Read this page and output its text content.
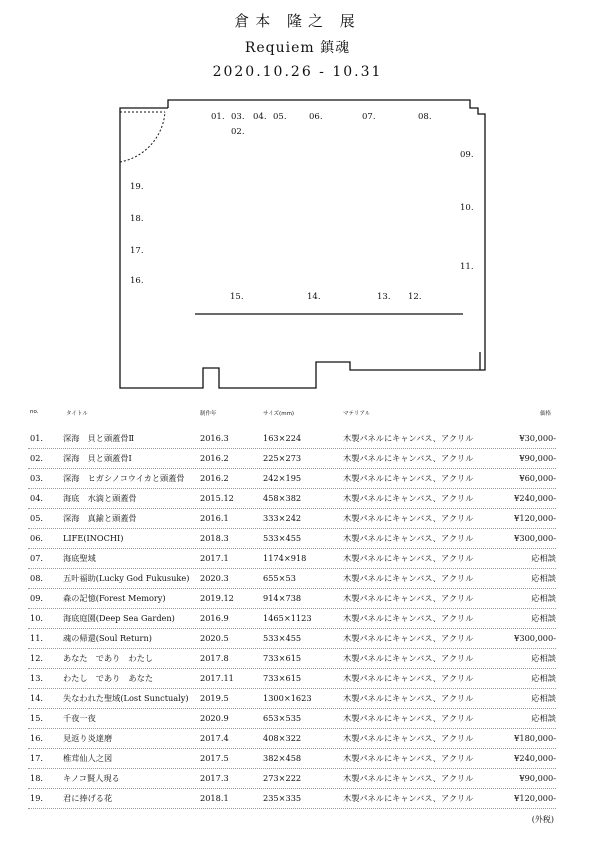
倉本 隆之 展
Requiem 鎮魂
2020.10.26 - 10.31
01. 03. 04. 05.	06.	07.	08.
02.
09.
10.
11.
12.
13.
14.
15.
16.
17.
18.
19.
no.	タイトル	制作年	サイズ(mm)	マテリアル	価格
01. 深海　貝と頭蓋骨Ⅱ	2016.3	163×224	木製パネルにキャンバス、アクリル	¥30,000-
02. 深海　貝と頭蓋骨Ⅰ	2016.2	225×273	木製パネルにキャンバス、アクリル	¥90,000-
03. 深海　ヒガシノコウイカと頭蓋骨 2016.2	242×195	木製パネルにキャンバス、アクリル	¥60,000-
04. 海底　水滴と頭蓋骨	2015.12	458×382	木製パネルにキャンバス、アクリル	¥240,000-
05. 深海　真鍮と頭蓋骨	2016.1	333×242	木製パネルにキャンバス、アクリル	¥120,000-
06. LIFE(INOCHI)	2018.3	533×455	木製パネルにキャンバス、アクリル	¥300,000-
07. 海底聖域	2017.1	1174×918	木製パネルにキャンバス、アクリル	応相談
08. 五叶福助(Lucky God Fukusuke) 2020.3	655×53	木製パネルにキャンバス、アクリル	応相談
09. 森の記憶(Forest Memory)	2019.12	914×738	木製パネルにキャンバス、アクリル	応相談
10. 海底庭園(Deep Sea Garden)	2016.9	1465×1123	木製パネルにキャンバス、アクリル	応相談
11. 魂の帰還(Soul Return)	2020.5	533×455	木製パネルにキャンバス、アクリル	¥300,000-
12. あなた　であり　わたし	2017.8	733×615	木製パネルにキャンバス、アクリル	応相談
13. わたし　であり　あなた	2017.11	733×615	木製パネルにキャンバス、アクリル	応相談
14. 失なわれた聖域(Lost Sunctualy) 2019.5	1300×1623	木製パネルにキャンバス、アクリル	応相談
15. 千夜一夜	2020.9	653×535	木製パネルにキャンバス、アクリル	応相談
16. 見返り炎達磨	2017.4	408×322	木製パネルにキャンバス、アクリル	¥180,000-
17. 椎茸仙人之図	2017.5	382×458	木製パネルにキャンバス、アクリル	¥240,000-
18. キノコ賢人現る	2017.3	273×222	木製パネルにキャンバス、アクリル	¥90,000-
19. 君に捧げる花	2018.1	235×335	木製パネルにキャンバス、アクリル	¥120,000-
(外税)
